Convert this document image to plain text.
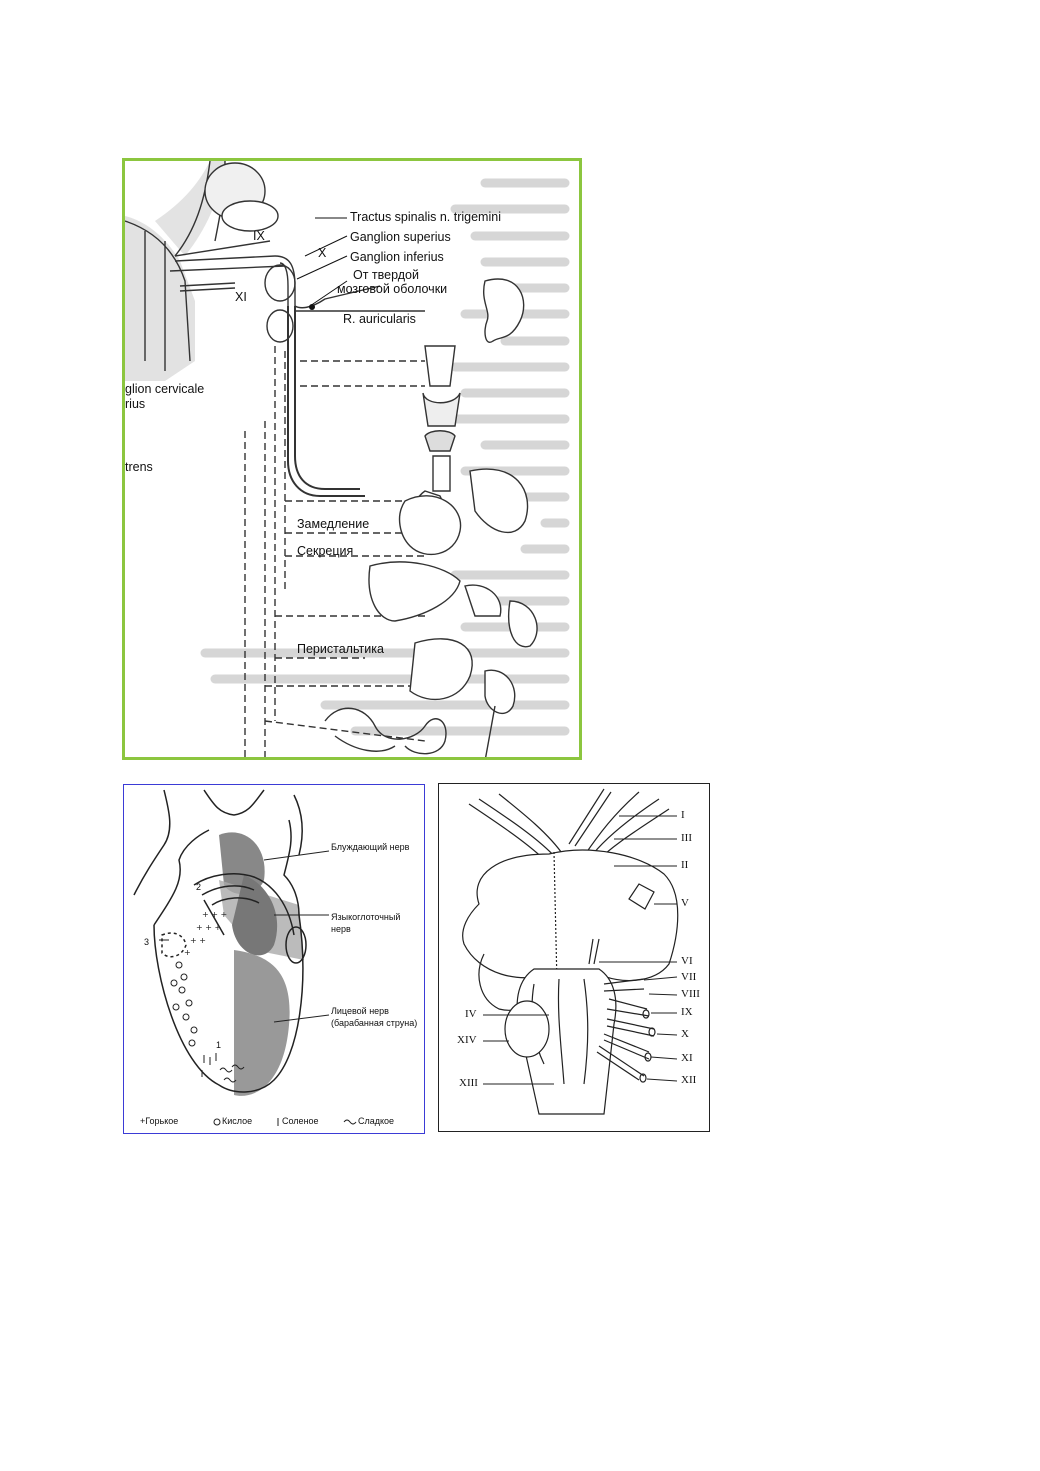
Tractus spinalis n. trigemini
IX
X
Ganglion superius
Ganglion inferius
От твердой
мозговой оболочки
XI
R. auricularis
glion cervicale
rius
trens
Замедление
Секреция
Перистальтика
+ + +
+ + +
+ +
+
Блуждающий нерв
Языкоглоточный
нерв
Лицевой нерв
(барабанная струна)
1
2
3
+Горькое	Кислое	Соленое	Сладкое
I
III
II
V
VI
VII
VIII
IX
X
XI
XII
IV
XIV
XIII
